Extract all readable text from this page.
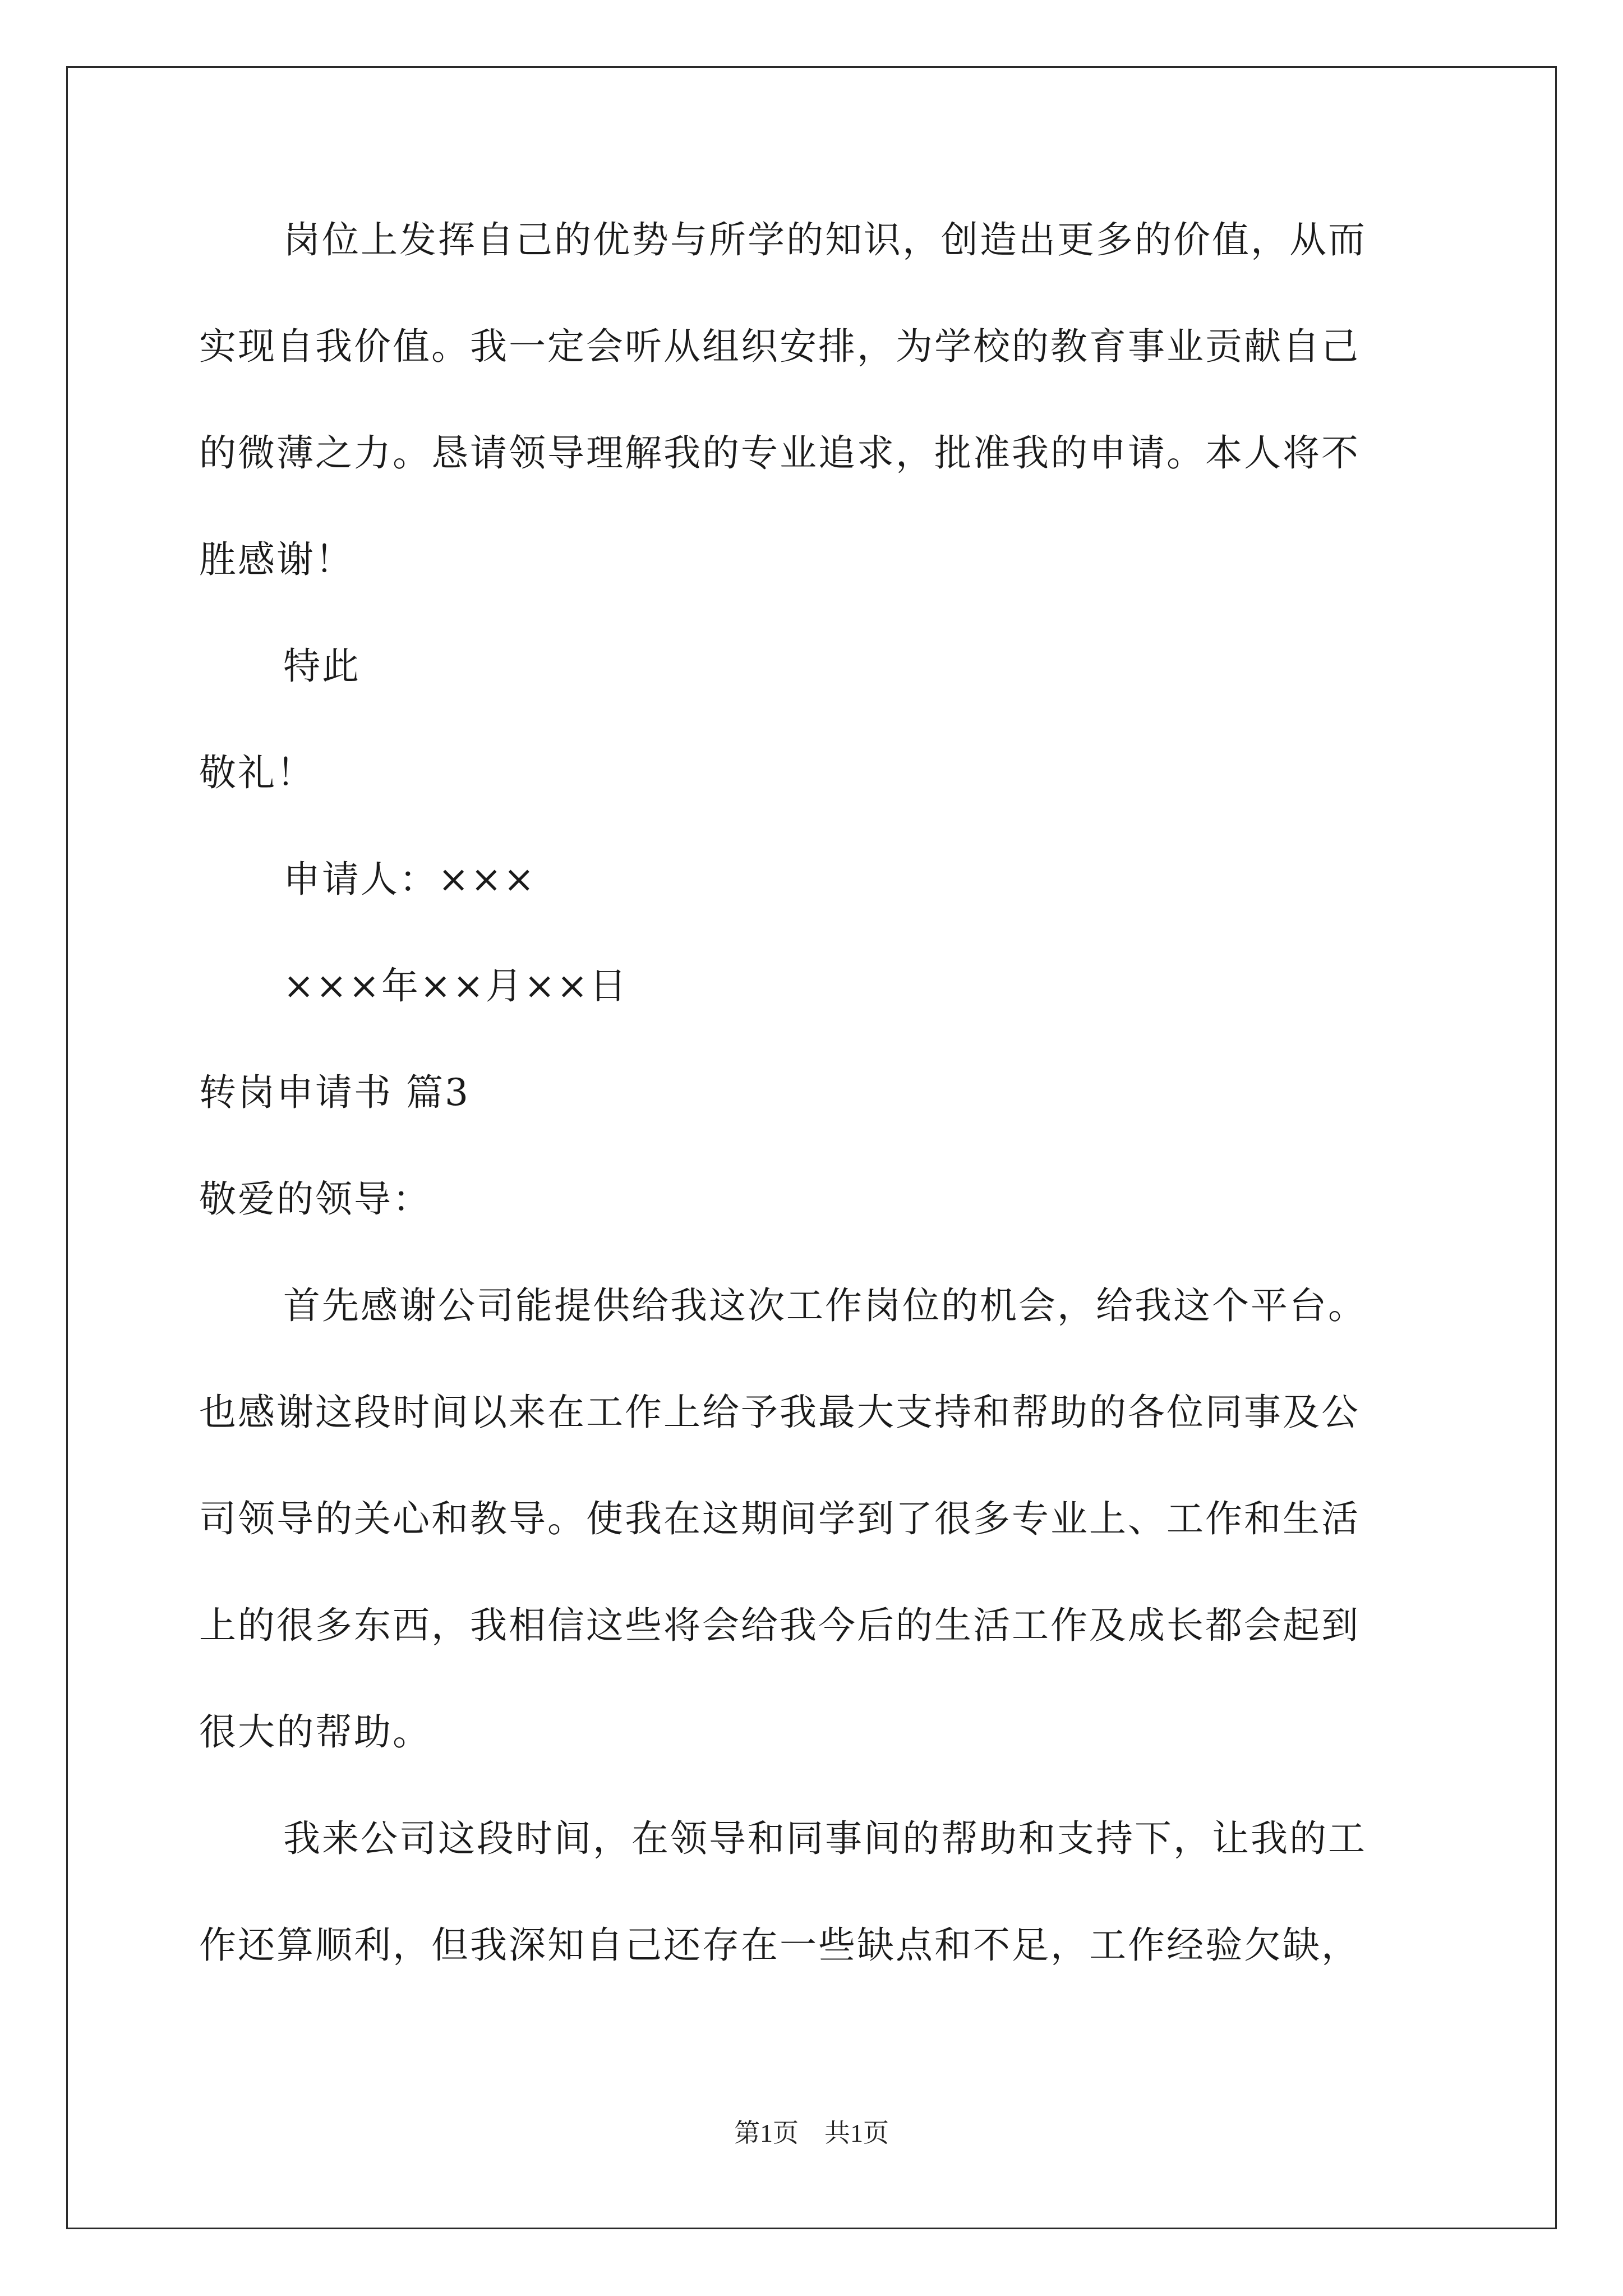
岗位上发挥自己的优势与所学的知识，创造出更多的价值，从而
实现自我价值。我一定会听从组织安排，为学校的教育事业贡献自己
的微薄之力。恳请领导理解我的专业追求，批准我的申请。本人将不
胜感谢！
特此
敬礼！
申请人：×××
×××年××月××日
转岗申请书 篇3
敬爱的领导：
首先感谢公司能提供给我这次工作岗位的机会，给我这个平台。
也感谢这段时间以来在工作上给予我最大支持和帮助的各位同事及公
司领导的关心和教导。使我在这期间学到了很多专业上、工作和生活
上的很多东西，我相信这些将会给我今后的生活工作及成长都会起到
很大的帮助。
我来公司这段时间，在领导和同事间的帮助和支持下，让我的工
作还算顺利，但我深知自己还存在一些缺点和不足，工作经验欠缺，
第1页　共1页
